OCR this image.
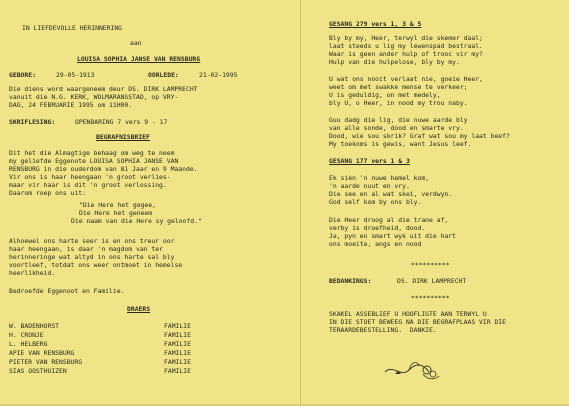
IN LIEFDEVOLLE HERINNERING
aan
LOUISA SOPHIA JANSE VAN RENSBURG
GEBORE:	29-05-1913	OORLEDE:	21-02-1995
Die diens word waargeneem deur DS. DIRK LAMPRECHT
vanuit die N.G. KERK, WOLMARANSSTAD, op VRY-
DAG, 24 FEBRUARIE 1995 om 11H00.
SKRIFLESING:	OPENBARING 7 vers 9 - 17
BEGRAFNISBRIEF
Dit het die Almagtige behaag om weg te neem
my geliefde Eggenote LOUISA SOPHIA JANSE VAN
RENSBURG in die ouderdom van 81 Jaar en 9 Maande.
Vir ons is haar heengaan 'n groot verlies-
maar vir haar is dit 'n groot verlossing.
Daarom roep ons uit:
"Die Here het gegee,
Die Here het geneem
Die naam van die Here sy geloofd."
Alhoewel ons harte seer is en ons treur oor
haar heengaan, is daar 'n magdom van ter
herinneringe wat altyd in ons harte sal bly
voortleef, totdat ons weer ontmoet in hemelse
heerlikheid.
Bedroefde Eggenoot en Familie.
DRAERS
W. BADENHORST	FAMILIE
H. CRONJE	FAMILIE
L. HELBERG	FAMILIE
APIE VAN RENSBURG	FAMILIE
PIETER VAN RENSBURG	FAMILIE
SIAS OOSTHUIZEN	FAMILIE
GESANG 279 vers 1, 3 & 5
Bly by my, Heer, terwyl die skemer daal;
laat steeds u lig my lewenspad bestraal.
Waar is geen ander hulp of trooc vir my?
Hulp van die hulpelose, bly by my.
U wat ons nooit verlaat nie, goeie Heer,
weet om met swakke mense te verkeer;
U is geduldig, on met medely,
bly U, o Heer, in nood my trou naby.
Guu dadg die lig, die nuwe aarde bly
van alle sonde, dood en smarte vry.
Dood, wie sou skrik? Graf wat sou my laat beef?
My toekoms is gewis, want Jesus leef.
GESANG 177 vers 1 & 3
Ek sien 'n nuwe hemel kom,
'n aarde nuut en vry.
Die see en al wat skei, verdwyn.
God self kom by ons bly.
Die Heer droog al die trane af,
verby is droefheid, dood.
Ja, pyn en smart wyk uit die hart
ons moeite, angs en nood
**********
BEDANKINGS:	DS. DIRK LAMPRECHT
**********
SKAKEL ASSEBLIEF U HOOFLIGTE AAN TERWYL U
IN DIE STOET BEWEEG NA DIE BEGRAFPLAAS VIR DIE
TERAARDEBESTELLING.  DANKIE.
